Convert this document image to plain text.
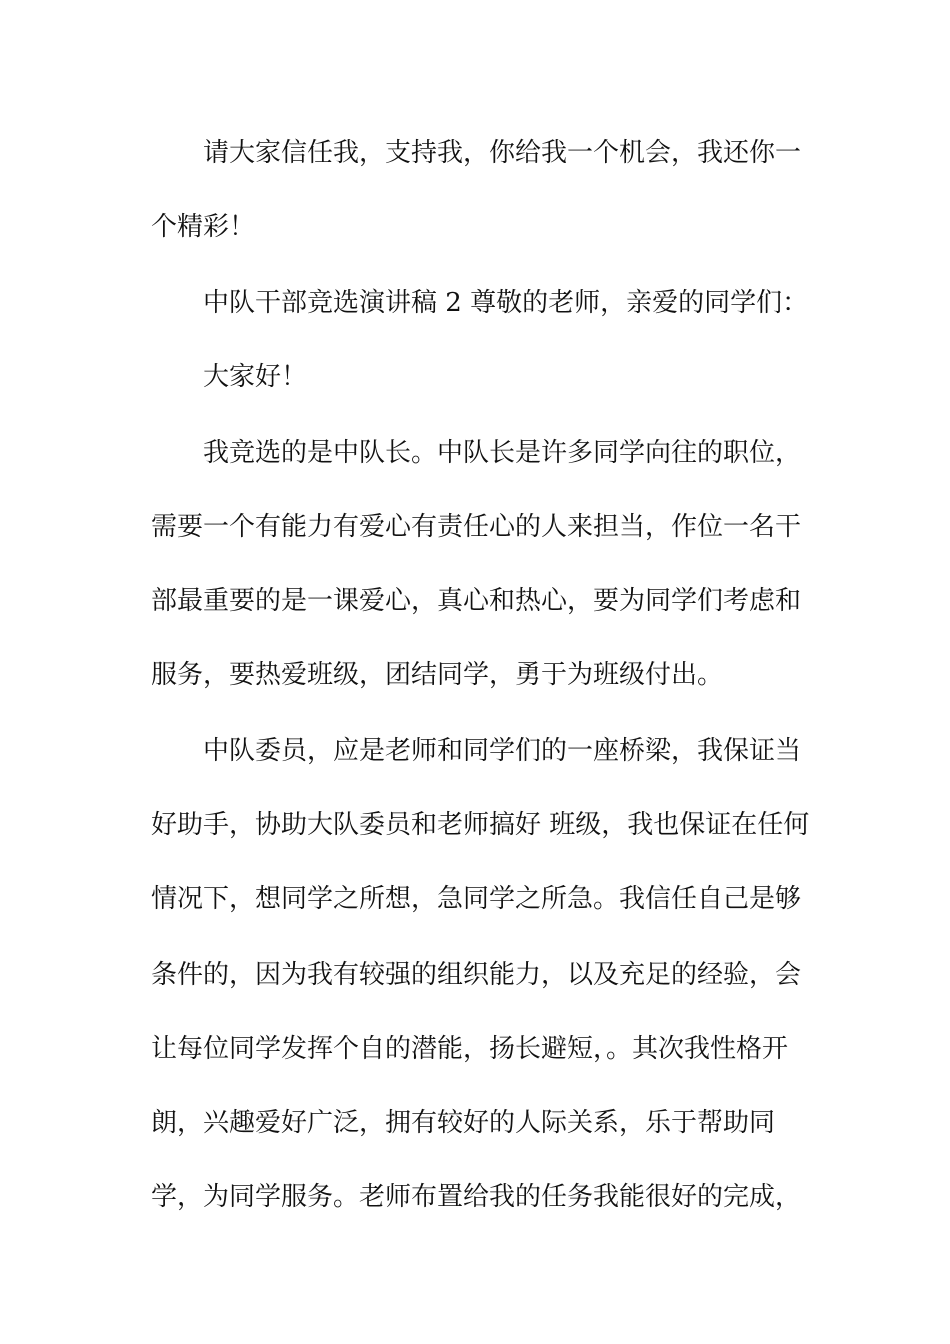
请大家信任我，支持我，你给我一个机会，我还你一

个精彩！

中队干部竞选演讲稿 2 尊敬的老师，亲爱的同学们：

大家好！

我竞选的是中队长。中队长是许多同学向往的职位，

需要一个有能力有爱心有责任心的人来担当，作位一名干

部最重要的是一课爱心，真心和热心，要为同学们考虑和

服务，要热爱班级，团结同学，勇于为班级付出。

中队委员，应是老师和同学们的一座桥梁，我保证当

好助手，协助大队委员和老师搞好 班级，我也保证在任何

情况下，想同学之所想，急同学之所急。我信任自己是够

条件的，因为我有较强的组织能力，以及充足的经验，会

让每位同学发挥个自的潜能，扬长避短，。其次我性格开

朗，兴趣爱好广泛，拥有较好的人际关系，乐于帮助同

学，为同学服务。老师布置给我的任务我能很好的完成，
